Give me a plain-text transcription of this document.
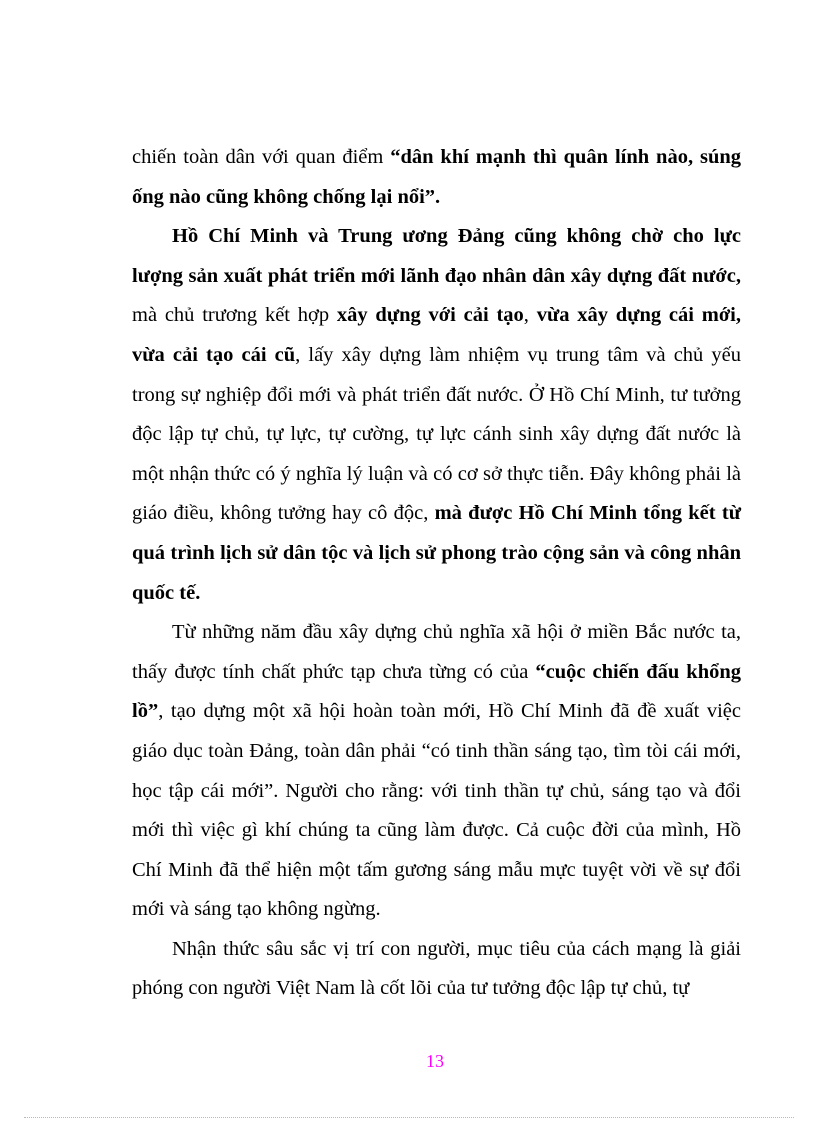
chiến toàn dân với quan điểm “dân khí mạnh thì quân lính nào, súng ống nào cũng không chống lại nổi”.

Hồ Chí Minh và Trung ương Đảng cũng không chờ cho lực lượng sản xuất phát triển mới lãnh đạo nhân dân xây dựng đất nước, mà chủ trương kết hợp xây dựng với cải tạo, vừa xây dựng cái mới, vừa cải tạo cái cũ, lấy xây dựng làm nhiệm vụ trung tâm và chủ yếu trong sự nghiệp đổi mới và phát triển đất nước. Ở Hồ Chí Minh, tư tưởng độc lập tự chủ, tự lực, tự cường, tự lực cánh sinh xây dựng đất nước là một nhận thức có ý nghĩa lý luận và có cơ sở thực tiễn. Đây không phải là giáo điều, không tưởng hay cô độc, mà được Hồ Chí Minh tổng kết từ quá trình lịch sử dân tộc và lịch sử phong trào cộng sản và công nhân quốc tế.

Từ những năm đầu xây dựng chủ nghĩa xã hội ở miền Bắc nước ta, thấy được tính chất phức tạp chưa từng có của “cuộc chiến đấu khổng lồ”, tạo dựng một xã hội hoàn toàn mới, Hồ Chí Minh đã đề xuất việc giáo dục toàn Đảng, toàn dân phải “có tinh thần sáng tạo, tìm tòi cái mới, học tập cái mới”. Người cho rằng: với tinh thần tự chủ, sáng tạo và đổi mới thì việc gì khí chúng ta cũng làm được. Cả cuộc đời của mình, Hồ Chí Minh đã thể hiện một tấm gương sáng mẫu mực tuyệt vời về sự đổi mới và sáng tạo không ngừng.

Nhận thức sâu sắc vị trí con người, mục tiêu của cách mạng là giải phóng con người Việt Nam là cốt lõi của tư tưởng độc lập tự chủ, tự

13
